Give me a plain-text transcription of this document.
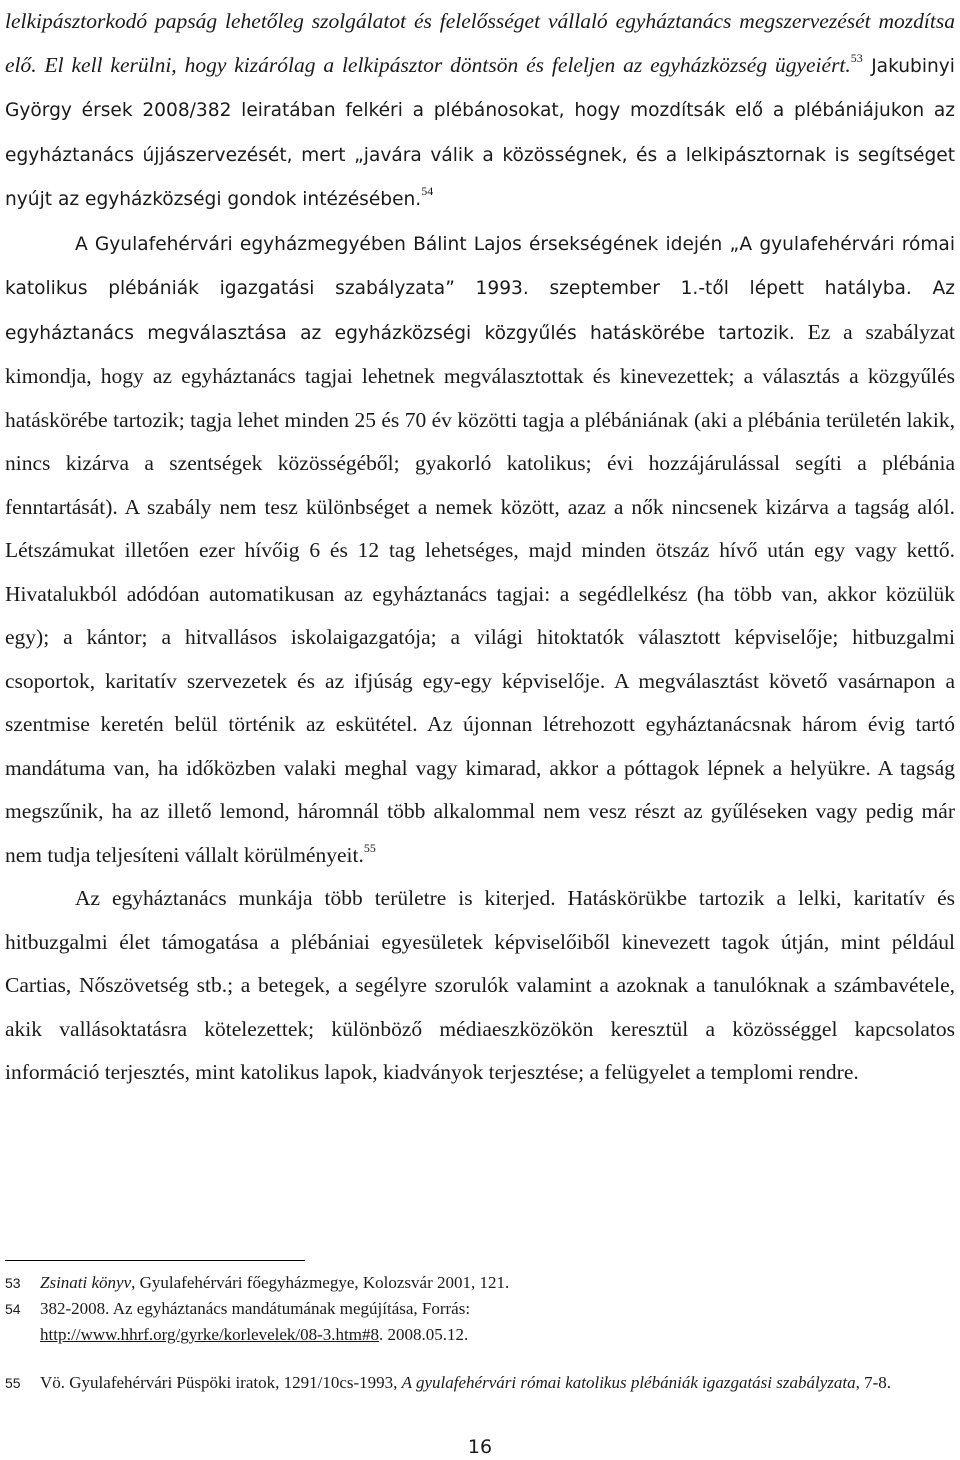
lelkipásztorkodó papság lehetőleg szolgálatot és felelősséget vállaló egyháztanács megszervezését mozdítsa elő. El kell kerülni, hogy kizárólag a lelkipásztor döntsön és feleljen az egyházközség ügyeiért.$^{53}$ Jakubinyi György érsek 2008/382 leiratában felkéri a plébánosokat, hogy mozdítsák elő a plébániájukon az egyháztanács újjászervezését, mert „javára válik a közösségnek, és a lelkipásztornak is segítséget nyújt az egyházközségi gondok intézésében.$^{54}$

A Gyulafehérvári egyházmegyében Bálint Lajos érsekségének idején „A gyulafehérvári római katolikus plébániák igazgatási szabályzata” 1993. szeptember 1.-től lépett hatályba. Az egyháztanács megválasztása az egyházközségi közgyűlés hatáskörébe tartozik. Ez a szabályzat kimondja, hogy az egyháztanács tagjai lehetnek megválasztottak és kinevezettek; a választás a közgyűlés hatáskörébe tartozik; tagja lehet minden 25 és 70 év közötti tagja a plébániának (aki a plébánia területén lakik, nincs kizárva a szentségek közösségéből; gyakorló katolikus; évi hozzájárulással segíti a plébánia fenntartását). A szabály nem tesz különbséget a nemek között, azaz a nők nincsenek kizárva a tagság alól. Létszámukat illetően ezer hívőig 6 és 12 tag lehetséges, majd minden ötszáz hívő után egy vagy kettő. Hivatalukból adódóan automatikusan az egyháztanács tagjai: a segédlelkész (ha több van, akkor közülük egy); a kántor; a hitvallásos iskolaigazgatója; a világi hitoktatók választott képviselője; hitbuzgalmi csoportok, karitatív szervezetek és az ifjúság egy-egy képviselője. A megválasztást követő vasárnapon a szentmise keretén belül történik az eskütétel. Az újonnan létrehozott egyháztanácsnak három évig tartó mandátuma van, ha időközben valaki meghal vagy kimarad, akkor a póttagok lépnek a helyükre. A tagság megszűnik, ha az illető lemond, háromnál több alkalommal nem vesz részt az gyűléseken vagy pedig már nem tudja teljesíteni vállalt körülményeit.$^{55}$

Az egyháztanács munkája több területre is kiterjed. Hatáskörükbe tartozik a lelki, karitatív és hitbuzgalmi élet támogatása a plébániai egyesületek képviselőiből kinevezett tagok útján, mint például Cartias, Nőszövetség stb.; a betegek, a segélyre szorulók valamint a azoknak a tanulóknak a számbavétele, akik vallásoktatásra kötelezettek; különböző médiaeszközökön keresztül a közösséggel kapcsolatos információ terjesztés, mint katolikus lapok, kiadványok terjesztése; a felügyelet a templomi rendre.

53 Zsinati könyv, Gyulafehérvári főegyházmegye, Kolozsvár 2001, 121.

54 382-2008. Az egyháztanács mandátumának megújítása, Forrás:
http://www.hhrf.org/gyrke/korlevelek/08-3.htm#8. 2008.05.12.

55 Vö. Gyulafehérvári Püspöki iratok, 1291/10cs-1993, A gyulafehérvári római katolikus plébániák igazgatási szabályzata, 7-8.

16
